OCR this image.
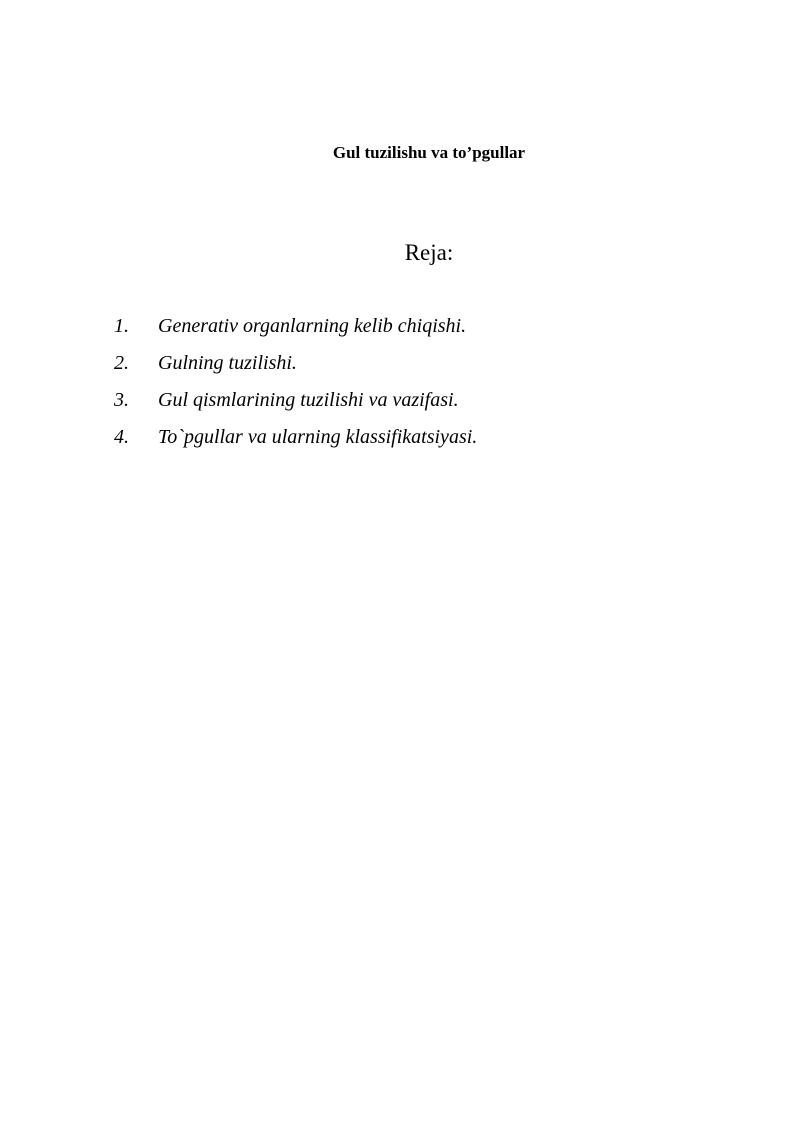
Gul tuzilishu va to’pgullar
Reja:
1. Generativ organlarning kelib chiqishi.
2. Gulning tuzilishi.
3. Gul qismlarining tuzilishi va vazifasi.
4. To`pgullar va ularning klassifikatsiyasi.
